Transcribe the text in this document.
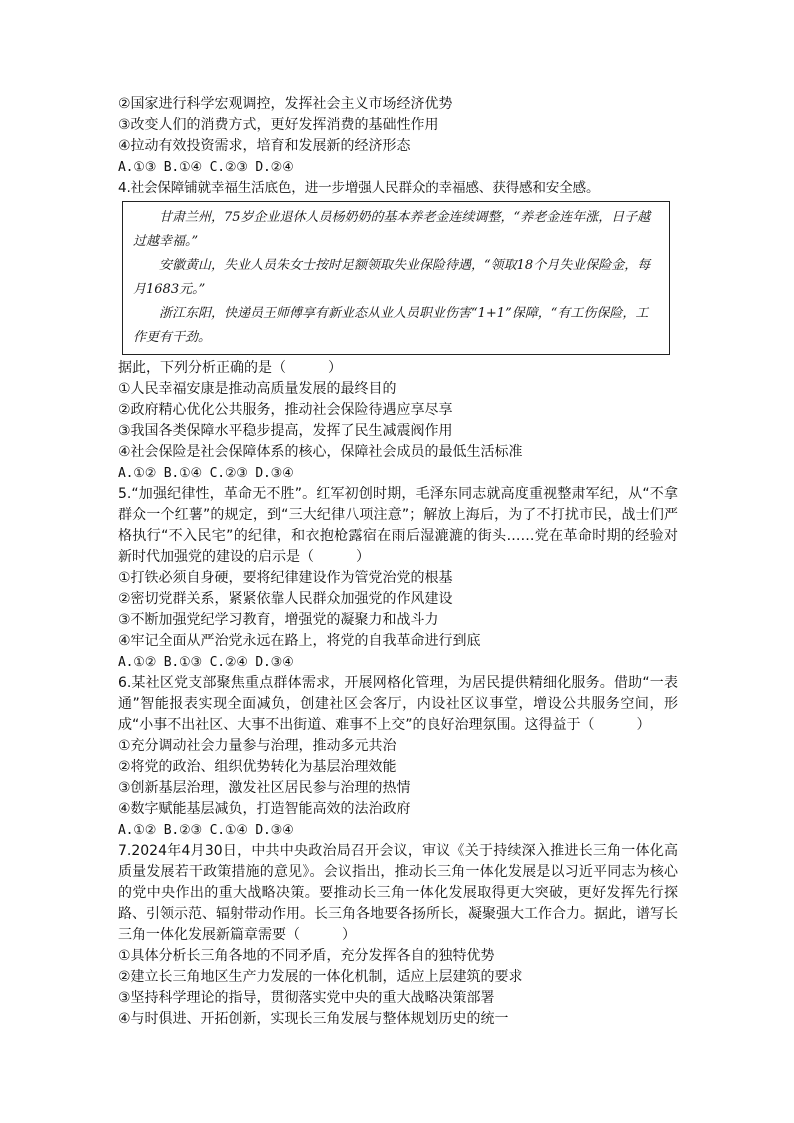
②国家进行科学宏观调控，发挥社会主义市场经济优势

③改变人们的消费方式，更好发挥消费的基础性作用

④拉动有效投资需求，培育和发展新的经济形态

A.①③ B.①④ C.②③ D.②④

4.社会保障铺就幸福生活底色，进一步增强人民群众的幸福感、获得感和安全感。

甘肃兰州，75岁企业退休人员杨奶奶的基本养老金连续调整，“养老金连年涨，日子越过越幸福。”

安徽黄山，失业人员朱女士按时足额领取失业保险待遇，“领取18个月失业保险金，每月1683元。”

浙江东阳，快递员王师傅享有新业态从业人员职业伤害“1+1”保障，“有工伤保险，工作更有干劲。

据此，下列分析正确的是（　　　）

①人民幸福安康是推动高质量发展的最终目的

②政府精心优化公共服务，推动社会保险待遇应享尽享

③我国各类保障水平稳步提高，发挥了民生减震阀作用

④社会保险是社会保障体系的核心，保障社会成员的最低生活标准

A.①② B.①④ C.②③ D.③④

5.“加强纪律性，革命无不胜”。红军初创时期，毛泽东同志就高度重视整肃军纪，从“不拿群众一个红薯”的规定，到“三大纪律八项注意”；解放上海后，为了不打扰市民，战士们严格执行“不入民宅”的纪律，和衣抱枪露宿在雨后湿漉漉的街头……党在革命时期的经验对新时代加强党的建设的启示是（　　　）

①打铁必须自身硬，要将纪律建设作为管党治党的根基

②密切党群关系，紧紧依靠人民群众加强党的作风建设

③不断加强党纪学习教育，增强党的凝聚力和战斗力

④牢记全面从严治党永远在路上，将党的自我革命进行到底

A.①② B.①③ C.②④ D.③④

6.某社区党支部聚焦重点群体需求，开展网格化管理，为居民提供精细化服务。借助“一表通”智能报表实现全面减负，创建社区会客厅，内设社区议事堂，增设公共服务空间，形成“小事不出社区、大事不出街道、难事不上交”的良好治理氛围。这得益于（　　　）

①充分调动社会力量参与治理，推动多元共治

②将党的政治、组织优势转化为基层治理效能

③创新基层治理，激发社区居民参与治理的热情

④数字赋能基层减负，打造智能高效的法治政府

A.①② B.②③ C.①④ D.③④

7.2024年4月30日，中共中央政治局召开会议，审议《关于持续深入推进长三角一体化高质量发展若干政策措施的意见》。会议指出，推动长三角一体化发展是以习近平同志为核心的党中央作出的重大战略决策。要推动长三角一体化发展取得更大突破，更好发挥先行探路、引领示范、辐射带动作用。长三角各地要各扬所长，凝聚强大工作合力。据此，谱写长三角一体化发展新篇章需要（　　　）

①具体分析长三角各地的不同矛盾，充分发挥各自的独特优势

②建立长三角地区生产力发展的一体化机制，适应上层建筑的要求

③坚持科学理论的指导，贯彻落实党中央的重大战略决策部署

④与时俱进、开拓创新，实现长三角发展与整体规划历史的统一
